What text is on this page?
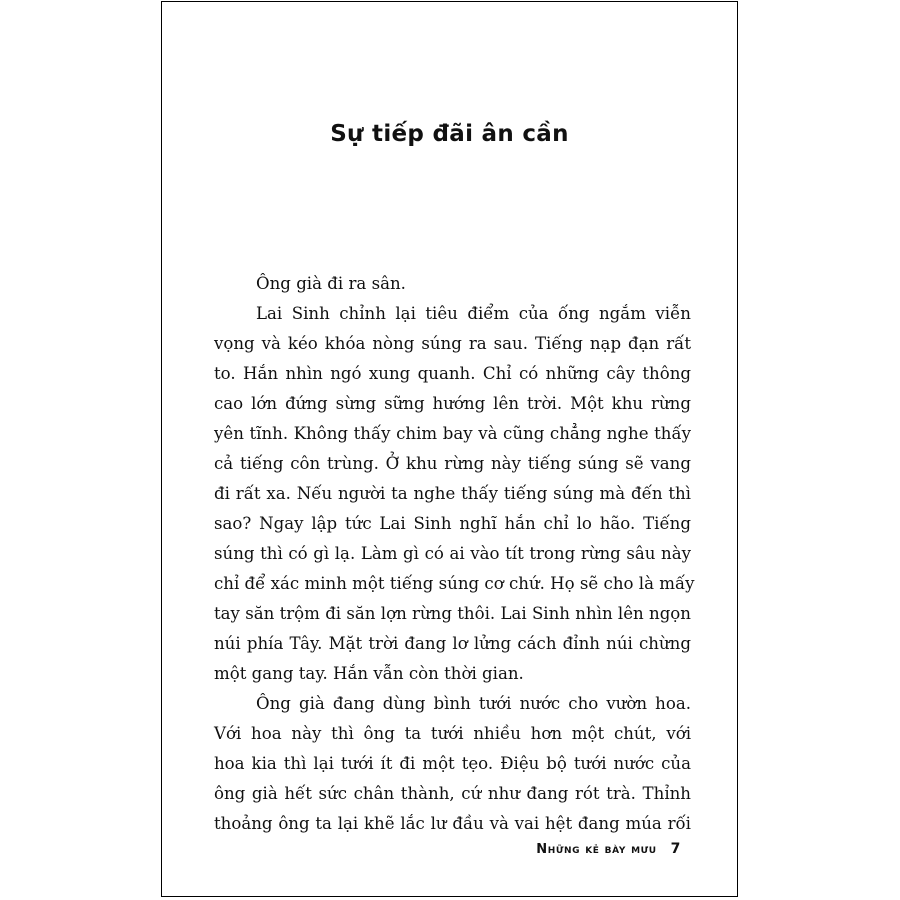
Sự tiếp đãi ân cần
Ông già đi ra sân.
Lai Sinh chỉnh lại tiêu điểm của ống ngắm viễn
vọng và kéo khóa nòng súng ra sau. Tiếng nạp đạn rất
to. Hắn nhìn ngó xung quanh. Chỉ có những cây thông
cao lớn đứng sừng sững hướng lên trời. Một khu rừng
yên tĩnh. Không thấy chim bay và cũng chẳng nghe thấy
cả tiếng côn trùng. Ở khu rừng này tiếng súng sẽ vang
đi rất xa. Nếu người ta nghe thấy tiếng súng mà đến thì
sao? Ngay lập tức Lai Sinh nghĩ hắn chỉ lo hão. Tiếng
súng thì có gì lạ. Làm gì có ai vào tít trong rừng sâu này
chỉ để xác minh một tiếng súng cơ chứ. Họ sẽ cho là mấy
tay săn trộm đi săn lợn rừng thôi. Lai Sinh nhìn lên ngọn
núi phía Tây. Mặt trời đang lơ lửng cách đỉnh núi chừng
một gang tay. Hắn vẫn còn thời gian.
Ông già đang dùng bình tưới nước cho vườn hoa.
Với hoa này thì ông ta tưới nhiều hơn một chút, với
hoa kia thì lại tưới ít đi một tẹo. Điệu bộ tưới nước của
ông già hết sức chân thành, cứ như đang rót trà. Thỉnh
thoảng ông ta lại khẽ lắc lư đầu và vai hệt đang múa rối
Những kẻ bày mưu 7
